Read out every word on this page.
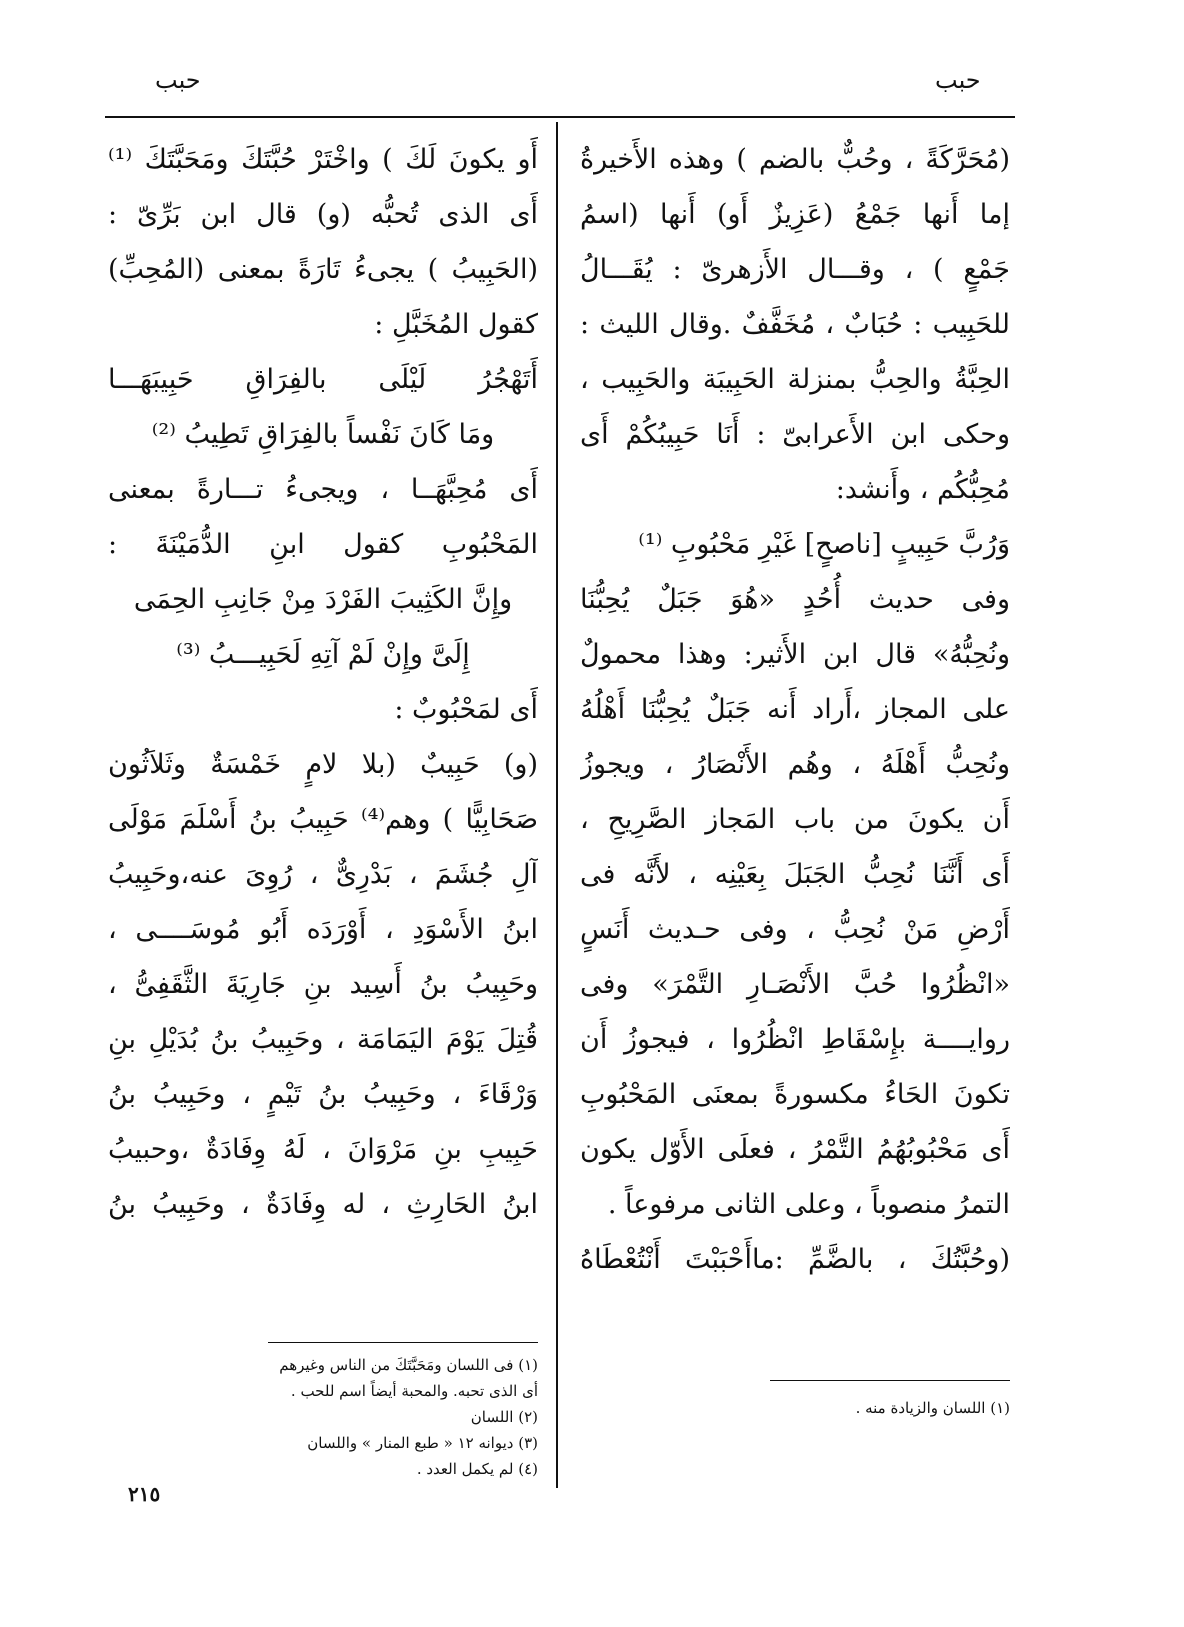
حبب
حبب
(مُحَرَّكَةً ، وحُبٌّ بالضم ) وهذه الأَخيرةُ
إما أَنها جَمْعُ (عَزِيزٌ أَو) أَنها (اسمُ
جَمْعٍ ) ، وقـــال الأَزهرىّ : يُقَـــالُ
للحَبِيب : حُبَابٌ ، مُخَفَّفٌ .وقال الليث :
الحِبَّةُ والحِبُّ بمنزلة الحَبِيبَة والحَبِيب ،
وحكى ابن الأَعرابىّ : أَنَا حَبِيبُكُمْ أَى
مُحِبُّكُم ، وأَنشد:
وَرُبَّ حَبِيبٍ [ناصحٍ] غَيْرِ مَحْبُوبِ ⁽¹⁾
وفى حديث أُحُدٍ «هُوَ جَبَلٌ يُحِبُّنَا
ونُحِبُّهُ» قال ابن الأَثير: وهذا محمولٌ
على المجاز ،أَراد أَنه جَبَلٌ يُحِبُّنَا أَهْلُهُ
ونُحِبُّ أَهْلَهُ ، وهُم الأَنْصَارُ ، ويجوزُ
أَن يكونَ من باب المَجاز الصَّرِيحِ ،
أَى أَنَّنَا نُحِبُّ الجَبَلَ بِعَيْنِه ، لأَنَّه فى
أَرْضِ مَنْ نُحِبُّ ، وفى حـديث أَنَسٍ
«انْظُرُوا حُبَّ الأَنْصَـارِ التَّمْرَ» وفى
روايــــة بإِسْقَاطِ انْظُرُوا ، فيجوزُ أَن
تكونَ الحَاءُ مكسورةً بمعنَى المَحْبُوبِ
أَى مَحْبُوبُهُمُ التَّمْرُ ، فعلَى الأَوّل يكون
التمرُ منصوباً ، وعلى الثانى مرفوعاً .
(وحُبَّتُكَ ، بالضَّمِّ :ماأَحْبَبْتَ أَنْتُعْطَاهُ
أَو يكونَ لَكَ ) واخْتَرْ حُبَّتَكَ ومَحَبَّتَكَ ⁽¹⁾
أَى الذى تُحبُّه (و) قال ابن بَرِّىّ :
(الحَبِيبُ ) يجىءُ تَارَةً بمعنى (المُحِبِّ)
كقول المُخَبَّلِ :
أَتَهْجُرُ لَيْلَى بالفِرَاقِ حَبِيبَهَـــا
ومَا كَانَ نَفْساً بالفِرَاقِ تَطِيبُ ⁽²⁾
أَى مُحِبَّهَــا ، ويجىءُ تـــارةً بمعنى
المَحْبُوبِ كقول ابنِ الدُّمَيْنَةَ :
وإِنَّ الكَثِيبَ الفَرْدَ مِنْ جَانِبِ الحِمَى
إِلَىَّ وإِنْ لَمْ آتِهِ لَحَبِيـــبُ ⁽³⁾
أَى لمَحْبُوبٌ :
(و) حَبِيبٌ (بلا لامٍ خَمْسَةٌ وثَلاَثُون
صَحَابِيًّا ) وهم⁽⁴⁾ حَبِيبُ بنُ أَسْلَمَ مَوْلَى
آلِ جُشَمَ ، بَدْرِىٌّ ، رُوِىَ عنه،وحَبِيبُ
ابنُ الأَسْوَدِ ، أَوْرَدَه أَبُو مُوسَــــى ،
وحَبِيبُ بنُ أَسِيد بنِ جَارِيَةَ الثَّقَفِىُّ ،
قُتِلَ يَوْمَ اليَمَامَة ، وحَبِيبُ بنُ بُدَيْلِ بنِ
وَرْقَاءَ ، وحَبِيبُ بنُ تَيْمٍ ، وحَبِيبُ بنُ
حَبِيبِ بنِ مَرْوَانَ ، لَهُ وِفَادَةٌ ،وحبيبُ
ابنُ الحَارِثِ ، له وِفَادَةٌ ، وحَبِيبُ بنُ
(١) فى اللسان ومَحَبَّتَكَ من الناس وغيرهم
أى الذى تحبه. والمحبة أيضاً اسم للحب .
(٢) اللسان
(٣) ديوانه ١٢ « طبع المنار » واللسان
(٤) لم يكمل العدد .
(١) اللسان والزيادة منه .
٢١٥
